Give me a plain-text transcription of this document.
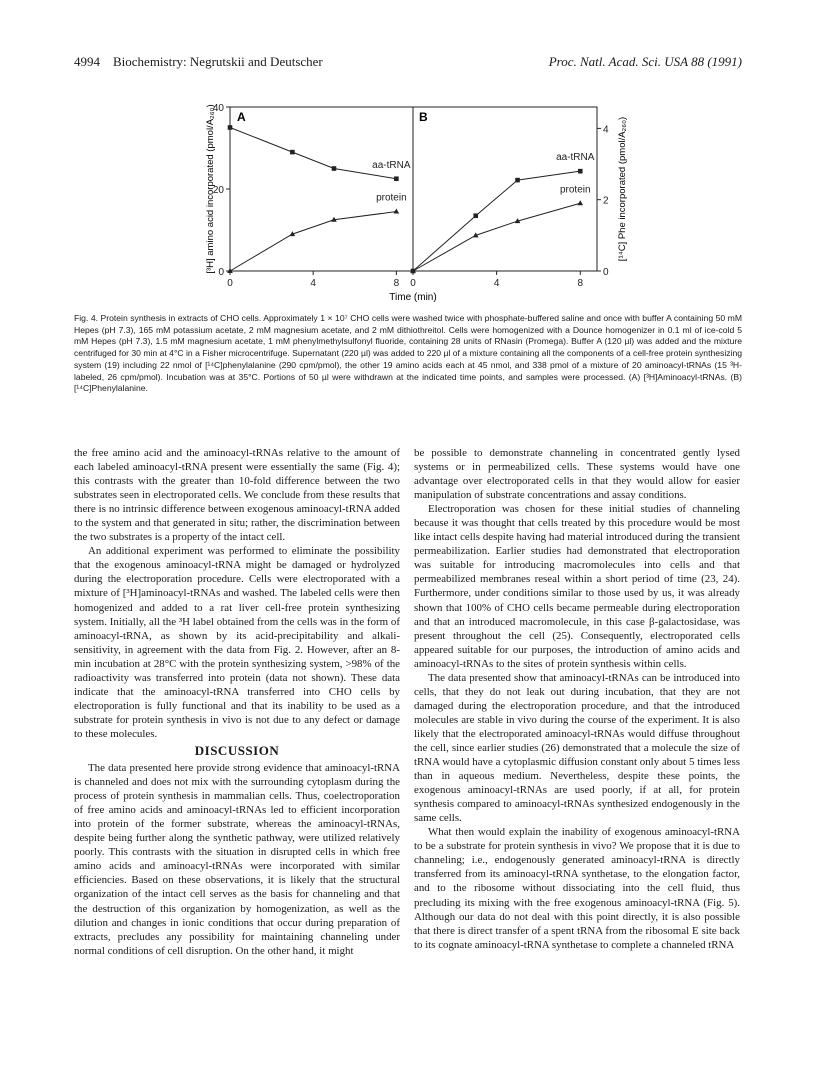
4994    Biochemistry: Negrutskii and Deutscher	Proc. Natl. Acad. Sci. USA 88 (1991)
0	4	8
0
20
40
aa-tRNA
protein
0	4	8
0
2
4
aa-tRNA
protein
A	B
[³H] amino acid incorporated (pmol/A₂₆₀)	[¹⁴C] Phe incorporated (pmol/A₂₆₀)
Time (min)
Fig. 4. Protein synthesis in extracts of CHO cells. Approximately 1 × 10⁷ CHO cells were washed twice with phosphate-buffered saline and once with buffer A containing 50 mM Hepes (pH 7.3), 165 mM potassium acetate, 2 mM magnesium acetate, and 2 mM dithiothreitol. Cells were homogenized with a Dounce homogenizer in 0.1 ml of ice-cold 5 mM Hepes (pH 7.3), 1.5 mM magnesium acetate, 1 mM phenylmethylsulfonyl fluoride, containing 28 units of RNasin (Promega). Buffer A (120 µl) was added and the mixture centrifuged for 30 min at 4°C in a Fisher microcentrifuge. Supernatant (220 µl) was added to 220 µl of a mixture containing all the components of a cell-free protein synthesizing system (19) including 22 nmol of [¹⁴C]phenylalanine (290 cpm/pmol), the other 19 amino acids each at 45 nmol, and 338 pmol of a mixture of 20 aminoacyl-tRNAs (15 ³H-labeled, 26 cpm/pmol). Incubation was at 35°C. Portions of 50 µl were withdrawn at the indicated time points, and samples were processed. (A) [³H]Aminoacyl-tRNAs. (B) [¹⁴C]Phenylalanine.

the free amino acid and the aminoacyl-tRNAs relative to the amount of each labeled aminoacyl-tRNA present were essentially the same (Fig. 4); this contrasts with the greater than 10-fold difference between the two substrates seen in electroporated cells. We conclude from these results that there is no intrinsic difference between exogenous aminoacyl-tRNA added to the system and that generated in situ; rather, the discrimination between the two substrates is a property of the intact cell.

An additional experiment was performed to eliminate the possibility that the exogenous aminoacyl-tRNA might be damaged or hydrolyzed during the electroporation procedure. Cells were electroporated with a mixture of [³H]aminoacyl-tRNAs and washed. The labeled cells were then homogenized and added to a rat liver cell-free protein synthesizing system. Initially, all the ³H label obtained from the cells was in the form of aminoacyl-tRNA, as shown by its acid-precipitability and alkali-sensitivity, in agreement with the data from Fig. 2. However, after an 8-min incubation at 28°C with the protein synthesizing system, >98% of the radioactivity was transferred into protein (data not shown). These data indicate that the aminoacyl-tRNA transferred into CHO cells by electroporation is fully functional and that its inability to be used as a substrate for protein synthesis in vivo is not due to any defect or damage to these molecules.

DISCUSSION

The data presented here provide strong evidence that aminoacyl-tRNA is channeled and does not mix with the surrounding cytoplasm during the process of protein synthesis in mammalian cells. Thus, coelectroporation of free amino acids and aminoacyl-tRNAs led to efficient incorporation into protein of the former substrate, whereas the aminoacyl-tRNAs, despite being further along the synthetic pathway, were utilized relatively poorly. This contrasts with the situation in disrupted cells in which free amino acids and aminoacyl-tRNAs were incorporated with similar efficiencies. Based on these observations, it is likely that the structural organization of the intact cell serves as the basis for channeling and that the destruction of this organization by homogenization, as well as the dilution and changes in ionic conditions that occur during preparation of extracts, precludes any possibility for maintaining channeling under normal conditions of cell disruption. On the other hand, it might

be possible to demonstrate channeling in concentrated gently lysed systems or in permeabilized cells. These systems would have one advantage over electroporated cells in that they would allow for easier manipulation of substrate concentrations and assay conditions.

Electroporation was chosen for these initial studies of channeling because it was thought that cells treated by this procedure would be most like intact cells despite having had material introduced during the transient permeabilization. Earlier studies had demonstrated that electroporation was suitable for introducing macromolecules into cells and that permeabilized membranes reseal within a short period of time (23, 24). Furthermore, under conditions similar to those used by us, it was already shown that 100% of CHO cells became permeable during electroporation and that an introduced macromolecule, in this case β-galactosidase, was present throughout the cell (25). Consequently, electroporated cells appeared suitable for our purposes, the introduction of amino acids and aminoacyl-tRNAs to the sites of protein synthesis within cells.

The data presented show that aminoacyl-tRNAs can be introduced into cells, that they do not leak out during incubation, that they are not damaged during the electroporation procedure, and that the introduced molecules are stable in vivo during the course of the experiment. It is also likely that the electroporated aminoacyl-tRNAs would diffuse throughout the cell, since earlier studies (26) demonstrated that a molecule the size of tRNA would have a cytoplasmic diffusion constant only about 5 times less than in aqueous medium. Nevertheless, despite these points, the exogenous aminoacyl-tRNAs are used poorly, if at all, for protein synthesis compared to aminoacyl-tRNAs synthesized endogenously in the same cells.

What then would explain the inability of exogenous aminoacyl-tRNA to be a substrate for protein synthesis in vivo? We propose that it is due to channeling; i.e., endogenously generated aminoacyl-tRNA is directly transferred from its aminoacyl-tRNA synthetase, to the elongation factor, and to the ribosome without dissociating into the cell fluid, thus precluding its mixing with the free exogenous aminoacyl-tRNA (Fig. 5). Although our data do not deal with this point directly, it is also possible that there is direct transfer of a spent tRNA from the ribosomal E site back to its cognate aminoacyl-tRNA synthetase to complete a channeled tRNA
